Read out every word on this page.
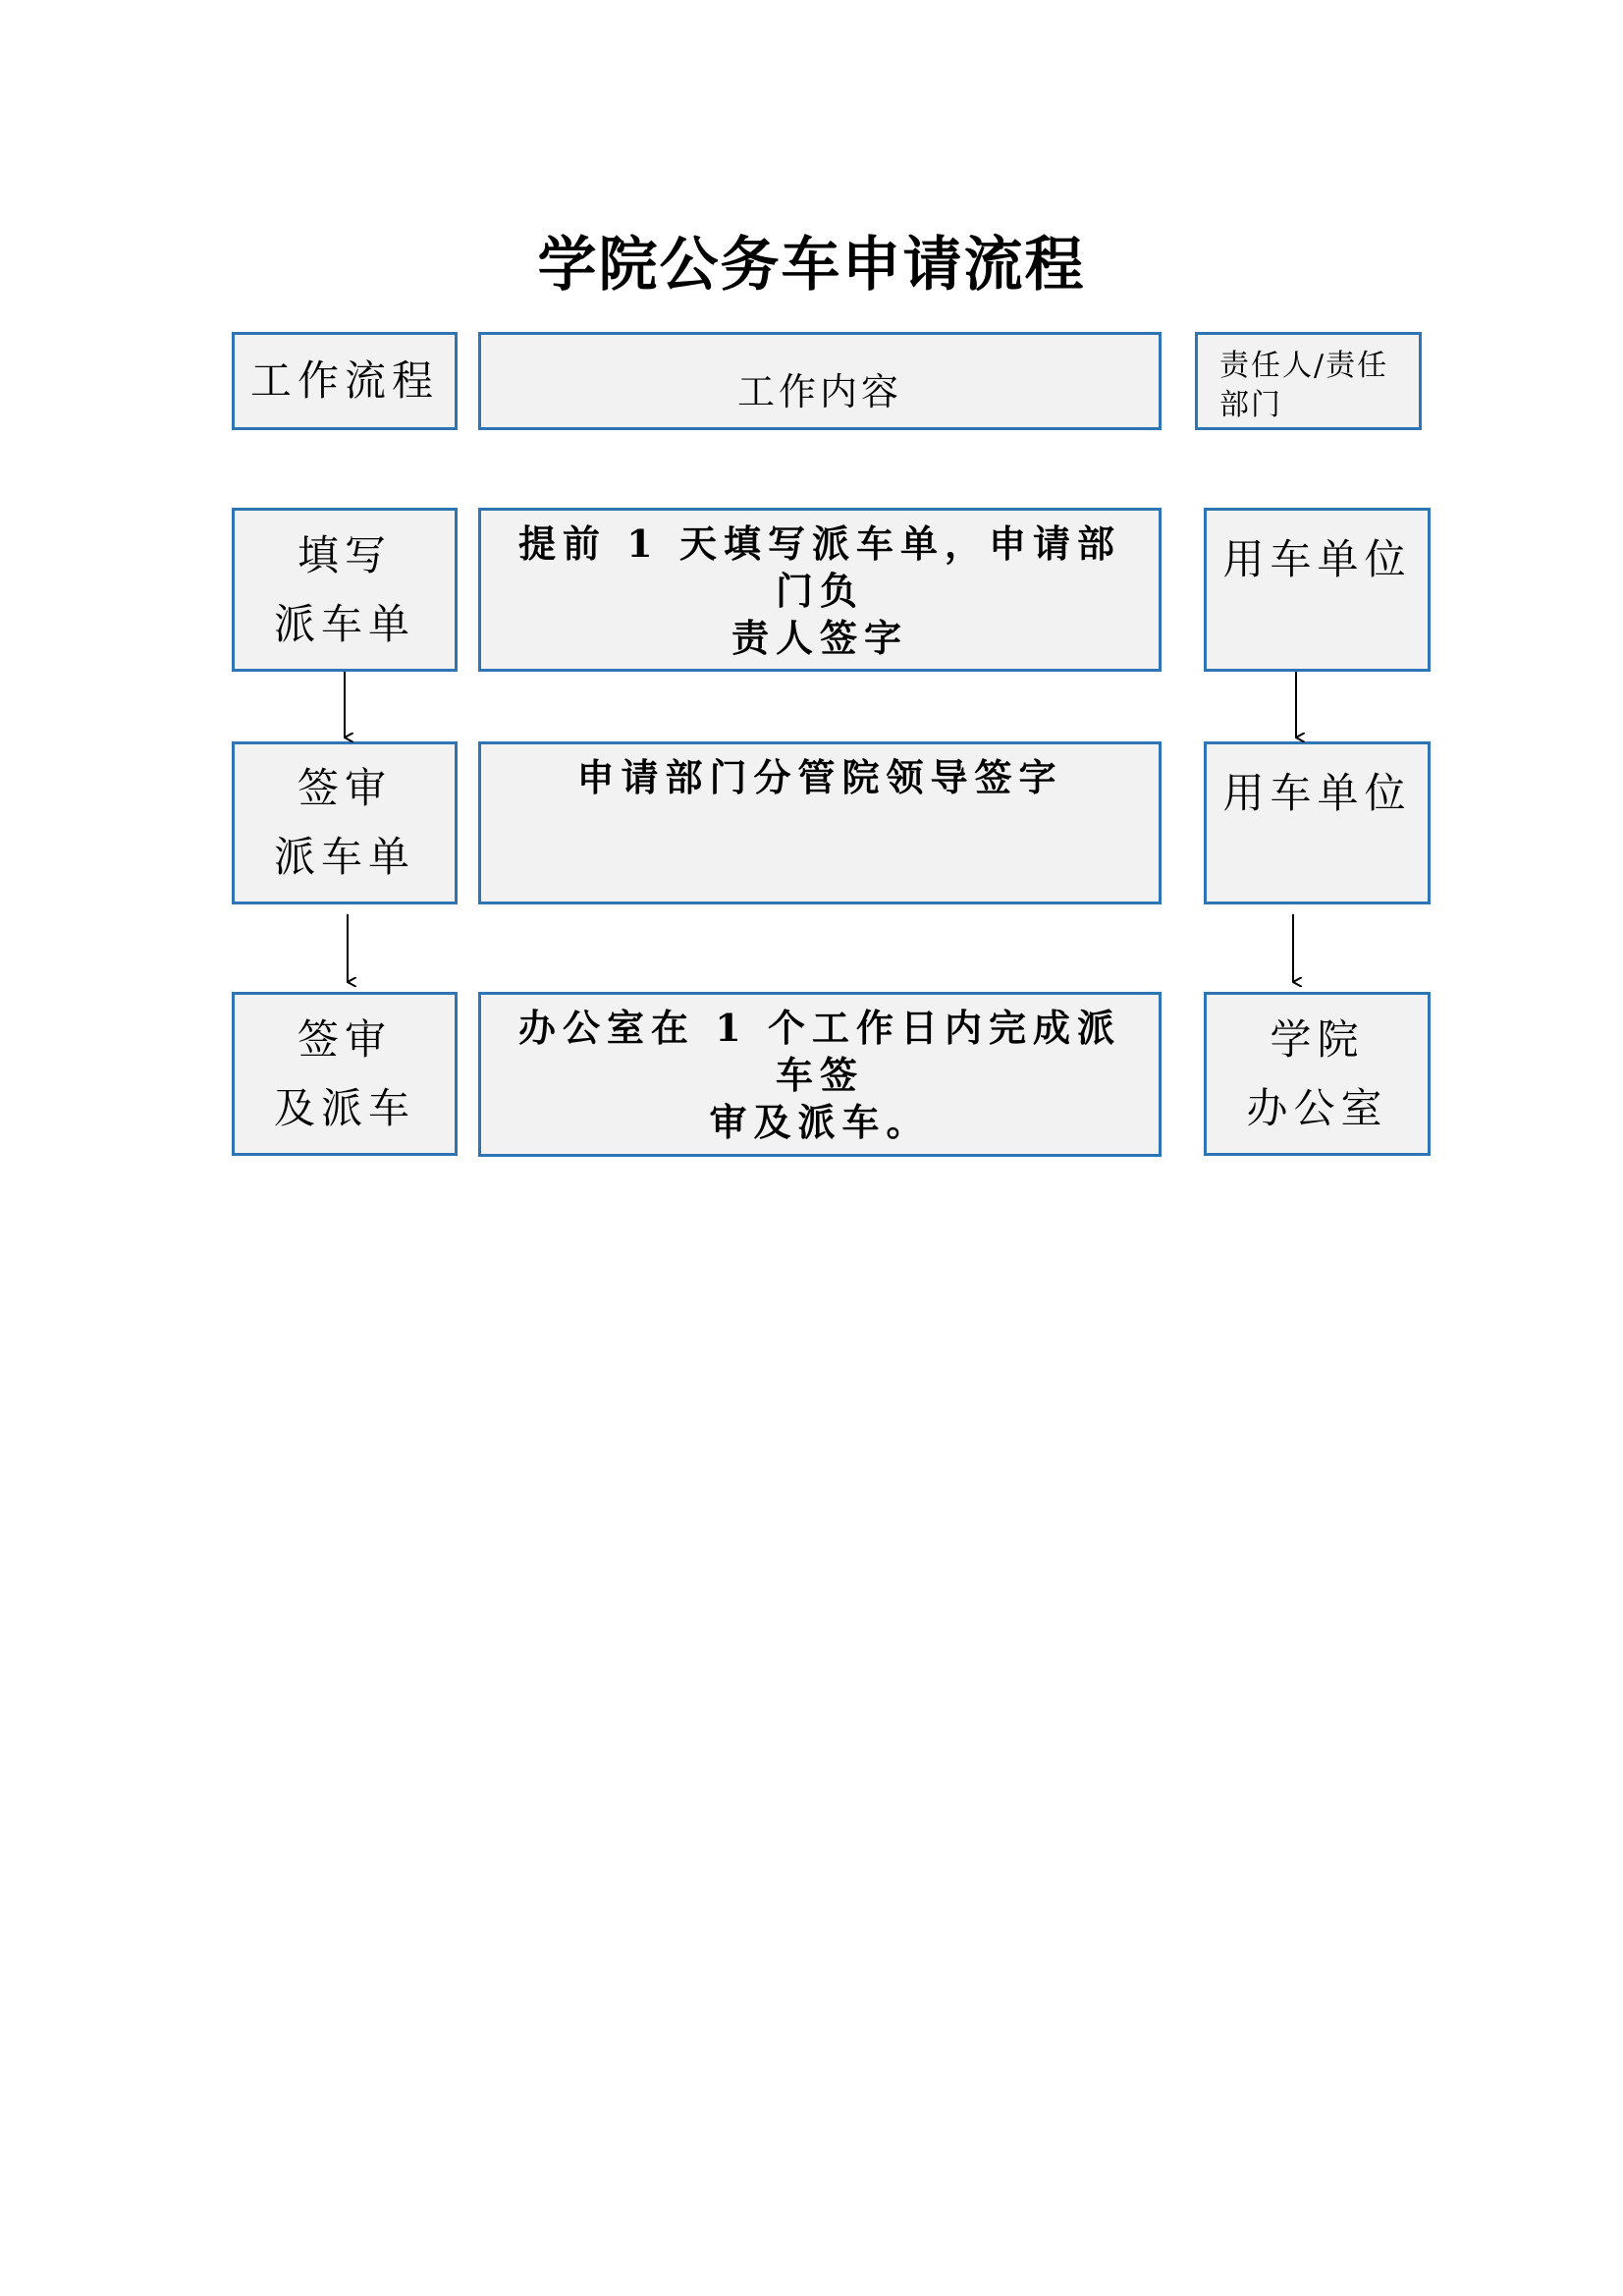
学院公务车申请流程
工作流程	工作内容
责任人/责任
部门
填写
派车单
提前 1 天填写派车单，申请部门负
责人签字
用车单位
签审
派车单
申请部门分管院领导签字	用车单位
签审
及派车
办公室在 1 个工作日内完成派车签
审及派车。
学院
办公室
